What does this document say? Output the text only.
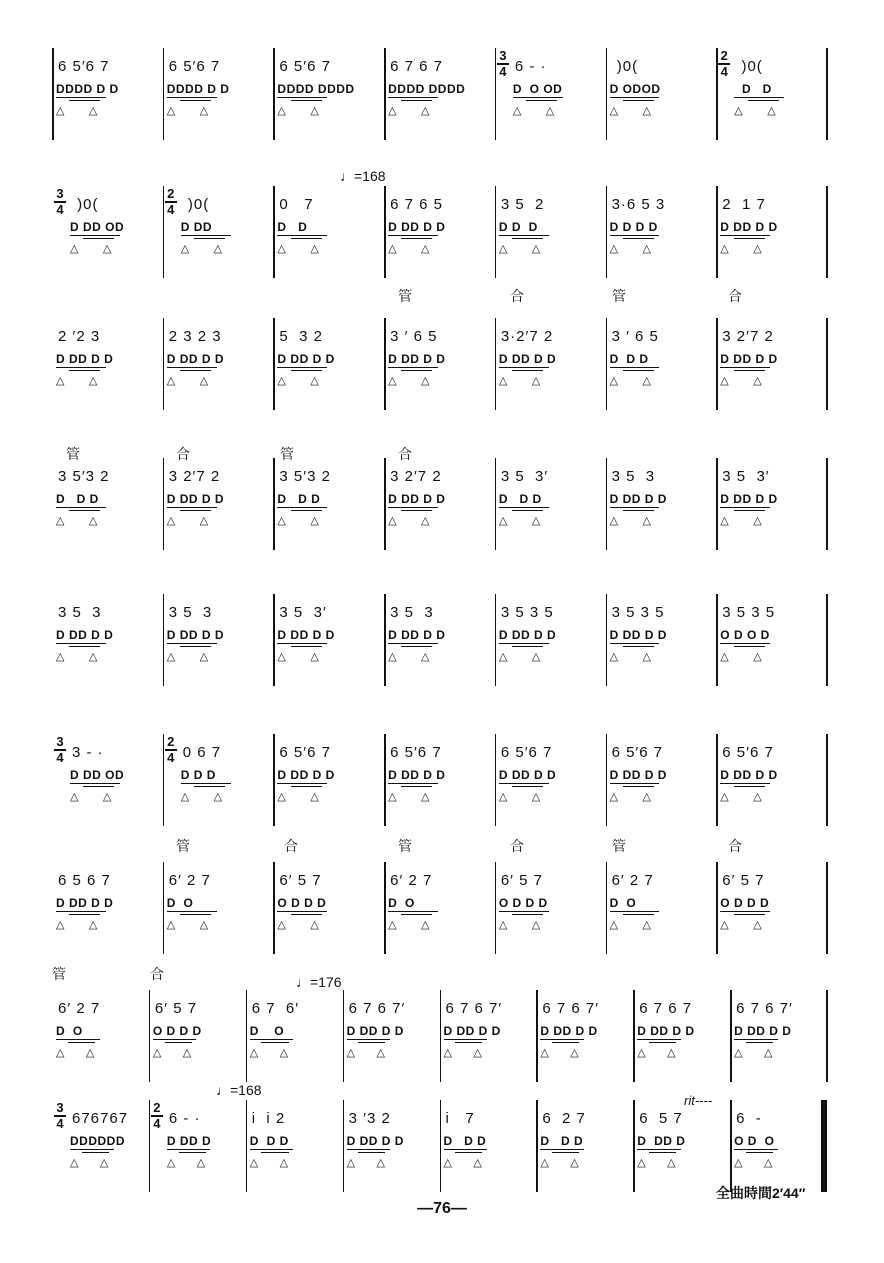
6 5′6 7
DDDD D D
△        △
6 5′6 7
DDDD D D
△        △
6 5′6 7
DDDD DDDD
△        △
6 7 6 7
DDDD DDDD
△        △
3
4 6 - ·
D  O OD
△        △
)0(
D ODOD
△        △
2
4 )0(
D   D
△        △
3
4 )0(
D DD OD
△        △
2
4 )0(
D DD
△        △
0   7
D   D
△        △
6 7 6 5
D DD D D
△        △
3 5  2
D D  D
△        △
3·6 5 3
D D D D
△        △
2  1 7
D DD D D
△        △
♩=168
2 ′2 3
D DD D D
△        △
2 3 2 3
D DD D D
△        △
5  3 2
D DD D D
△        △
3 ′ 6 5
D DD D D
△        △
3·2′7 2
D DD D D
△        △
3 ′ 6 5
D  D D
△        △
3 2′7 2
D DD D D
△        △
管	合	管	合
3 5′3 2
D   D D
△        △
3 2′7 2
D DD D D
△        △
3 5′3 2
D   D D
△        △
3 2′7 2
D DD D D
△        △
3 5  3′
D   D D
△        △
3 5  3
D DD D D
△        △
3 5  3′
D DD D D
△        △
管	合	管	合
3 5  3
D DD D D
△        △
3 5  3
D DD D D
△        △
3 5  3′
D DD D D
△        △
3 5  3
D DD D D
△        △
3 5 3 5
D DD D D
△        △
3 5 3 5
D DD D D
△        △
3 5 3 5
O D O D
△        △
3
4 3 - ·
D DD OD
△        △
2
4 0 6 7
D D D
△        △
6 5′6 7
D DD D D
△        △
6 5′6 7
D DD D D
△        △
6 5′6 7
D DD D D
△        △
6 5′6 7
D DD D D
△        △
6 5′6 7
D DD D D
△        △
6 5 6 7
D DD D D
△        △
6′ 2 7
D  O
△        △
6′ 5 7
O D D D
△        △
6′ 2 7
D  O
△        △
6′ 5 7
O D D D
△        △
6′ 2 7
D  O
△        △
6′ 5 7
O D D D
△        △
管	合	管	合	管	合
6′ 2 7
D  O
△       △
6′ 5 7
O D D D
△       △
6 7  6′
D    O
△       △
6 7 6 7′
D DD D D
△       △
6 7 6 7′
D DD D D
△       △
6 7 6 7′
D DD D D
△       △
6 7 6 7
D DD D D
△       △
6 7 6 7′
D DD D D
△       △
管	合	♩=176
3
4 676767
DDDDDD
△       △
2
4 6 - ·
D DD D
△       △
i  i 2
D  D D
△       △
3 ′3 2
D DD D D
△       △
i   7
D   D D
△       △
6  2 7
D   D D
△       △
6  5 7
D  DD D
△       △
6  -
O D  O
△       △
♩=168
rit----
全曲時間2′44″
—76—
